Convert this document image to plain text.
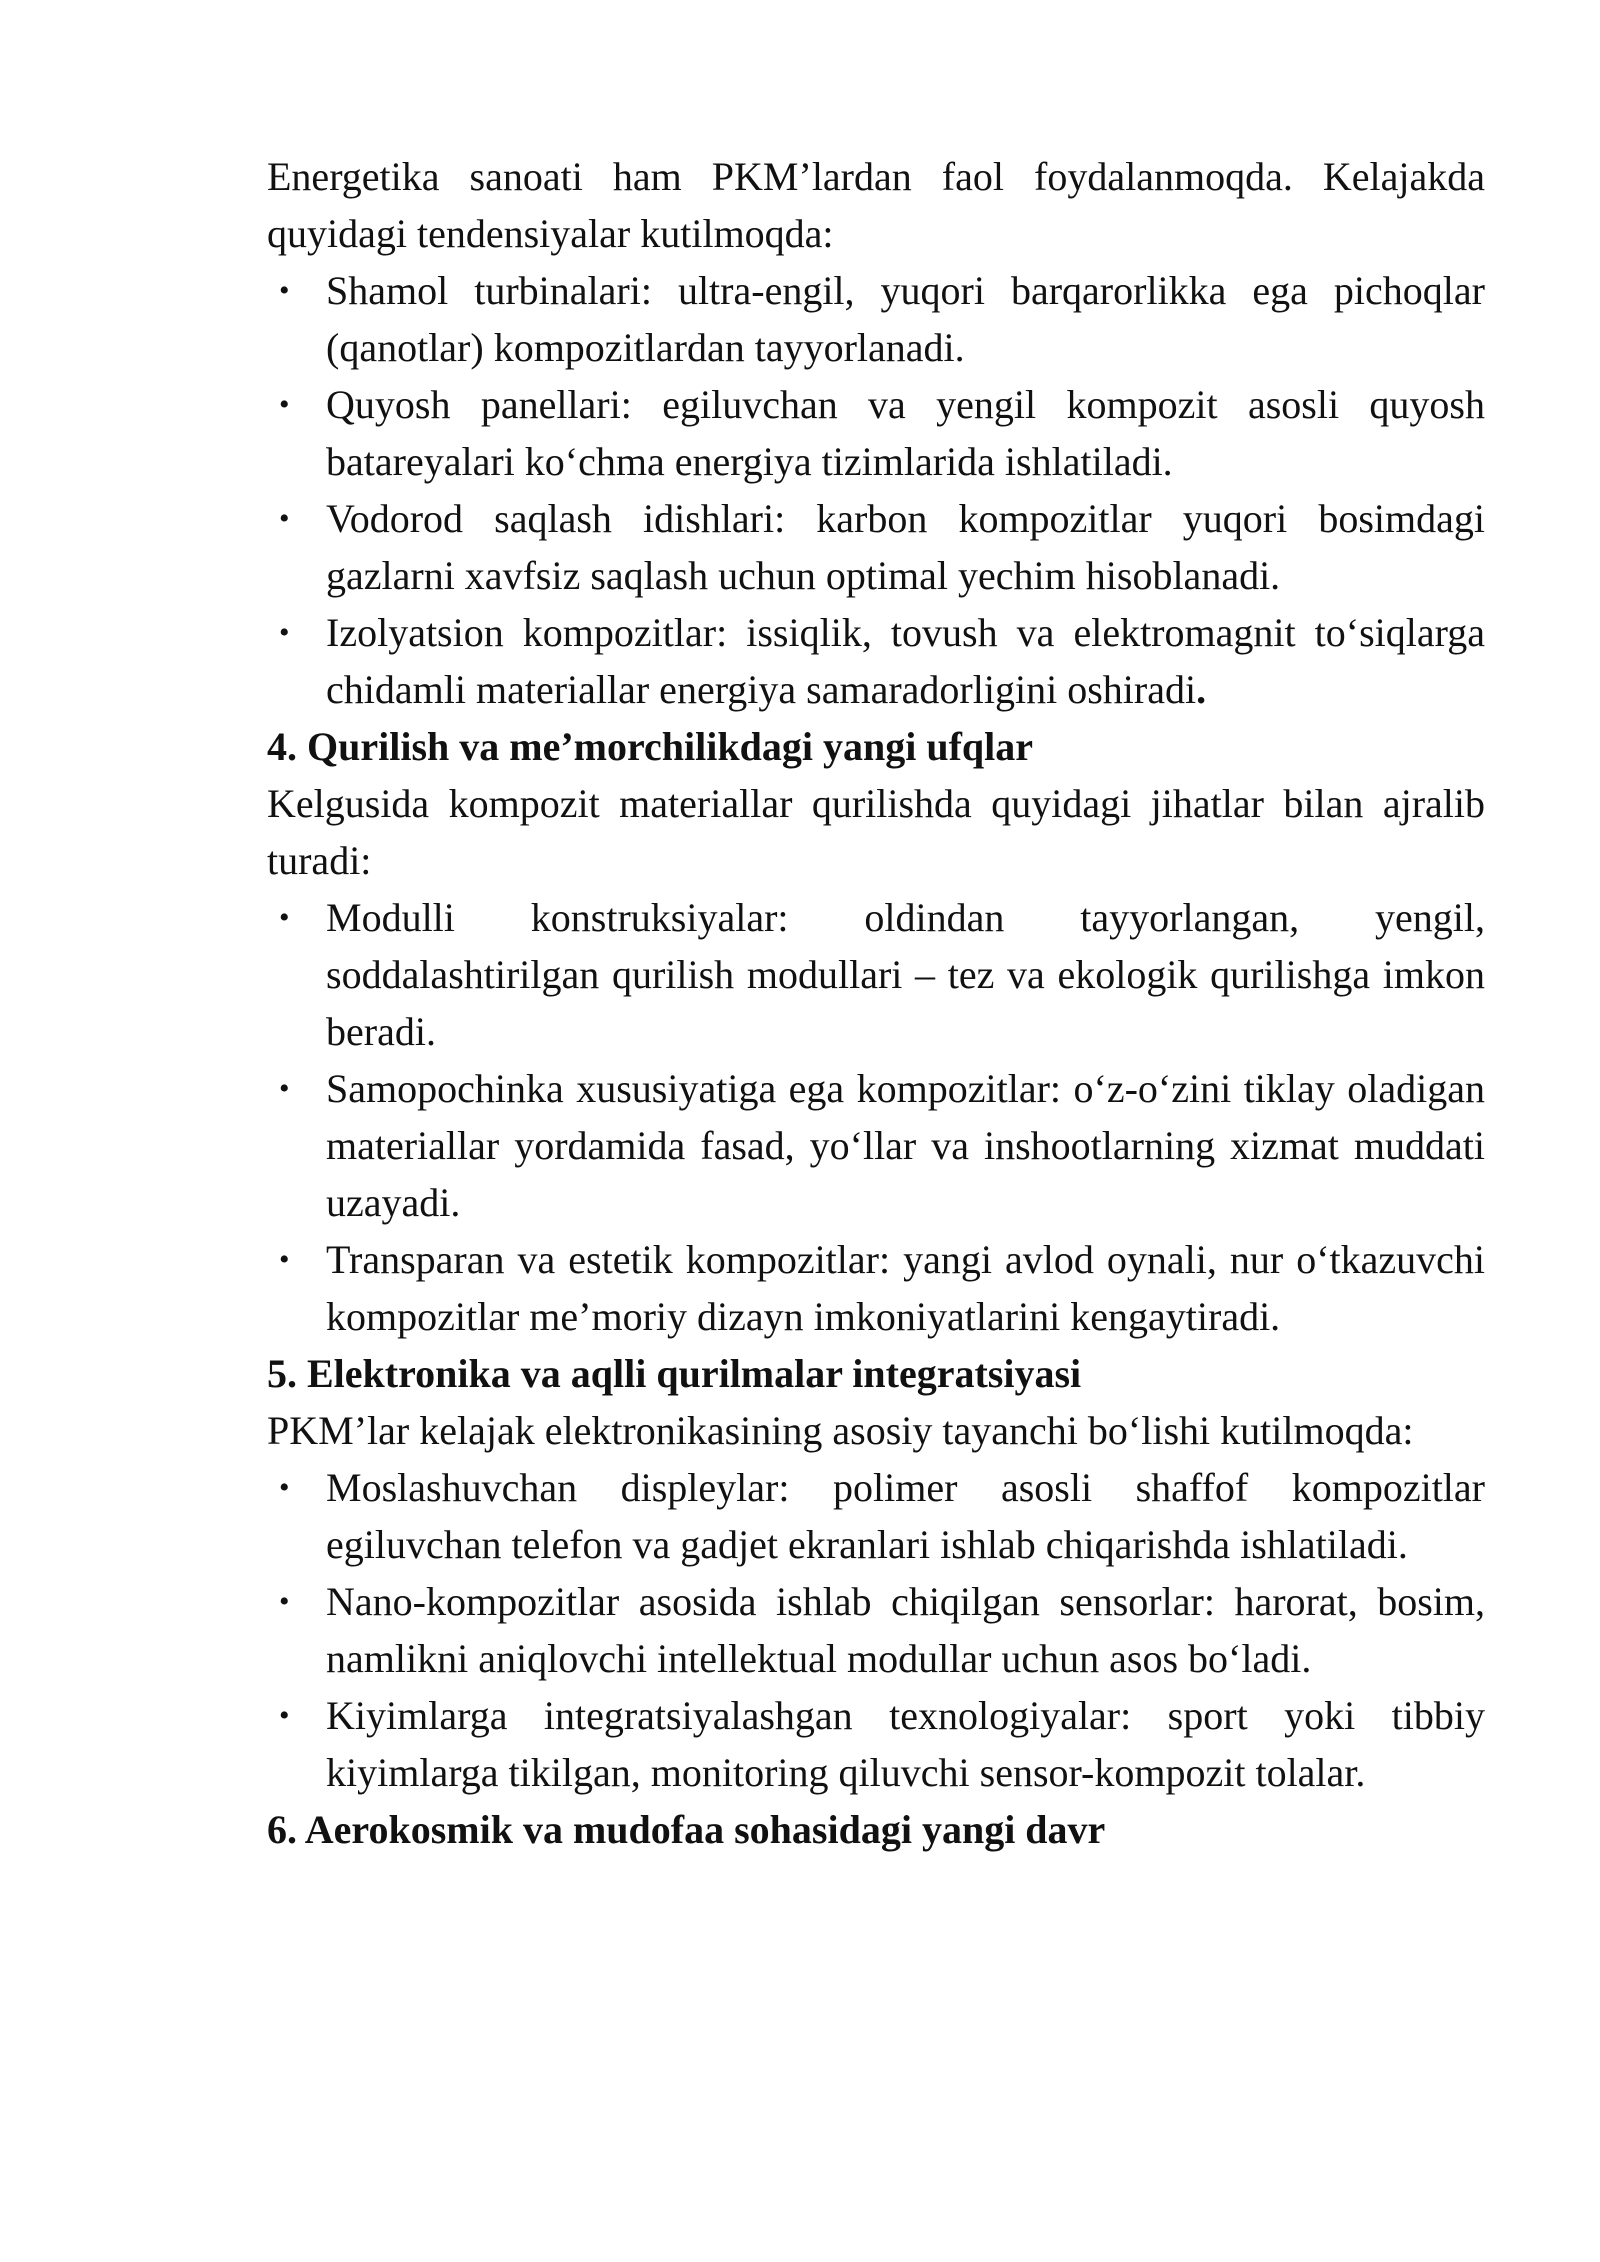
Energetika sanoati ham PKM’lardan faol foydalanmoqda. Kelajakda quyidagi tendensiyalar kutilmoqda:

• Shamol turbinalari: ultra-engil, yuqori barqarorlikka ega pichoqlar (qanotlar) kompozitlardan tayyorlanadi.
• Quyosh panellari: egiluvchan va yengil kompozit asosli quyosh batareyalari ko‘chma energiya tizimlarida ishlatiladi.
• Vodorod saqlash idishlari: karbon kompozitlar yuqori bosimdagi gazlarni xavfsiz saqlash uchun optimal yechim hisoblanadi.
• Izolyatsion kompozitlar: issiqlik, tovush va elektromagnit to‘siqlarga chidamli materiallar energiya samaradorligini oshiradi.

4. Qurilish va me’morchilikdagi yangi ufqlar

Kelgusida kompozit materiallar qurilishda quyidagi jihatlar bilan ajralib turadi:

• Modulli konstruksiyalar: oldindan tayyorlangan, yengil, soddalashtirilgan qurilish modullari – tez va ekologik qurilishga imkon beradi.
• Samopochinka xususiyatiga ega kompozitlar: o‘z-o‘zini tiklay oladigan materiallar yordamida fasad, yo‘llar va inshootlarning xizmat muddati uzayadi.
• Transparan va estetik kompozitlar: yangi avlod oynali, nur o‘tkazuvchi kompozitlar me’moriy dizayn imkoniyatlarini kengaytiradi.

5. Elektronika va aqlli qurilmalar integratsiyasi

PKM’lar kelajak elektronikasining asosiy tayanchi bo‘lishi kutilmoqda:

• Moslashuvchan displeylar: polimer asosli shaffof kompozitlar egiluvchan telefon va gadjet ekranlari ishlab chiqarishda ishlatiladi.
• Nano-kompozitlar asosida ishlab chiqilgan sensorlar: harorat, bosim, namlikni aniqlovchi intellektual modullar uchun asos bo‘ladi.
• Kiyimlarga integratsiyalashgan texnologiyalar: sport yoki tibbiy kiyimlarga tikilgan, monitoring qiluvchi sensor-kompozit tolalar.

6. Aerokosmik va mudofaa sohasidagi yangi davr
